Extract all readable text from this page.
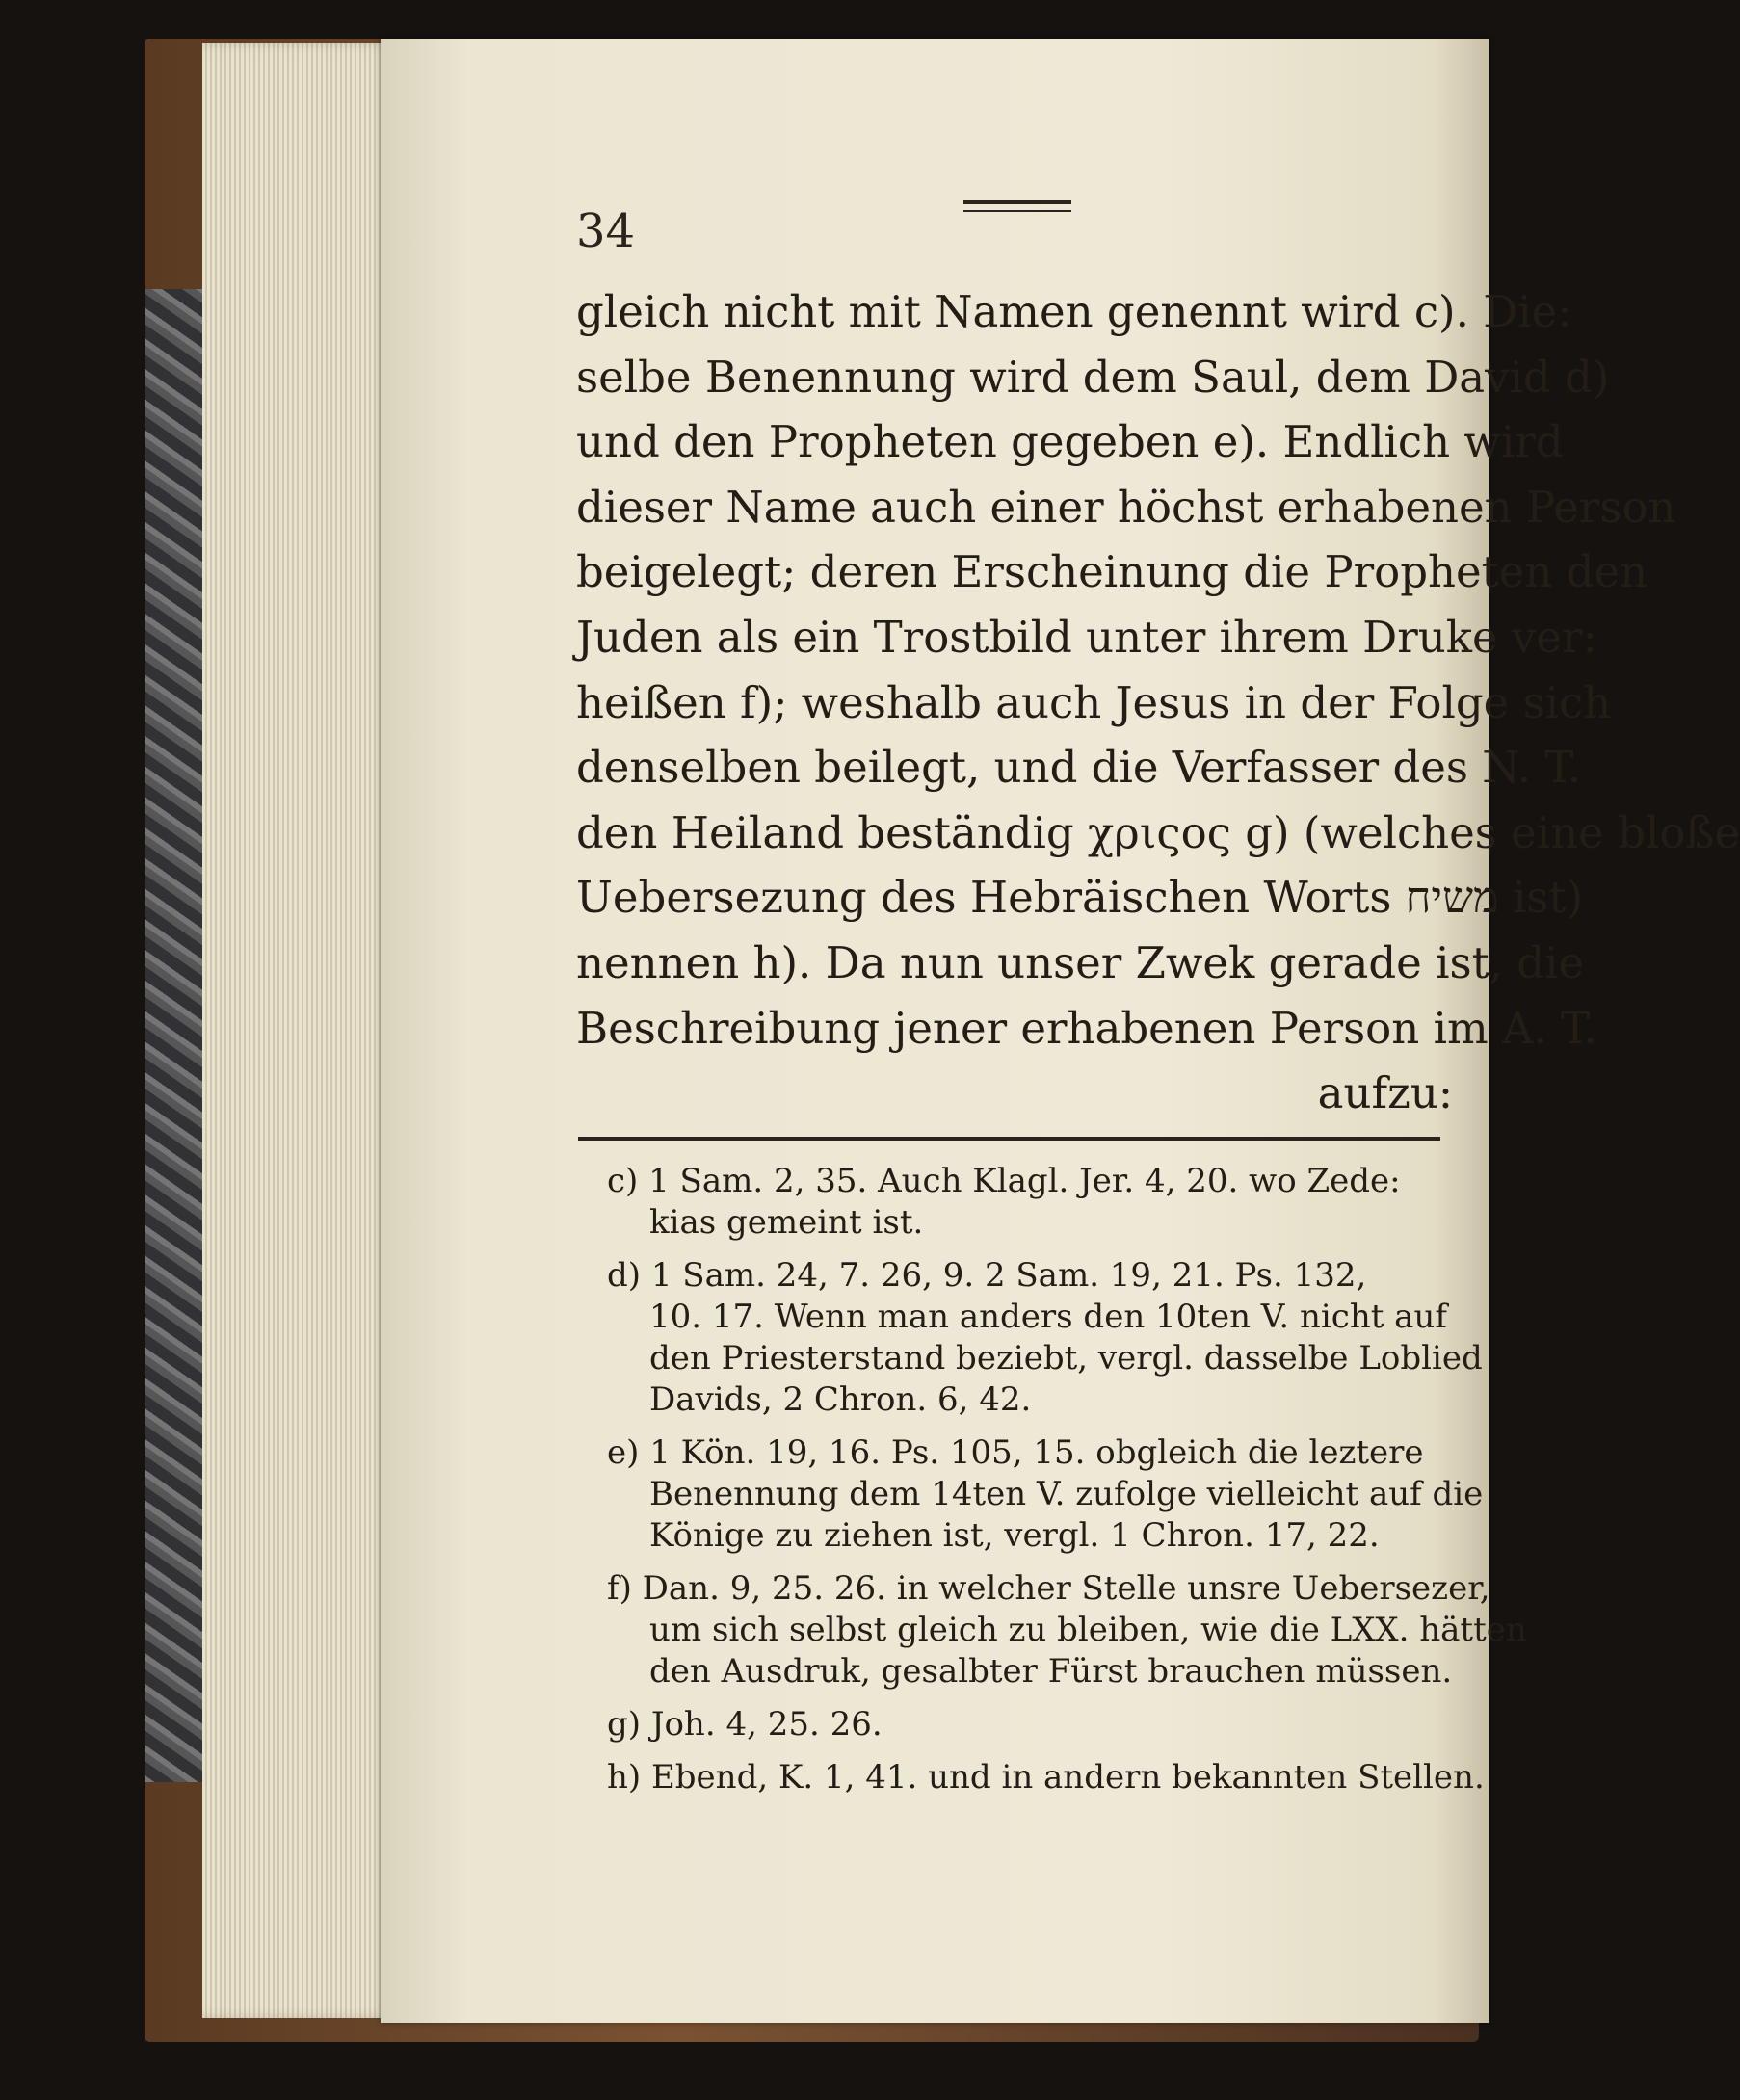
34
gleich nicht mit Namen genennt wird c). Die:
selbe Benennung wird dem Saul, dem David d)
und den Propheten gegeben e). Endlich wird
dieser Name auch einer höchst erhabenen Person
beigelegt; deren Erscheinung die Propheten den
Juden als ein Trostbild unter ihrem Druke ver:
heißen f); weshalb auch Jesus in der Folge sich
denselben beilegt, und die Verfasser des N. T.
den Heiland beständig χριςος g) (welches eine bloße
Uebersezung des Hebräischen Worts משיח ist)
nennen h). Da nun unser Zwek gerade ist, die
Beschreibung jener erhabenen Person im A. T.
aufzu:
c) 1 Sam. 2, 35. Auch Klagl. Jer. 4, 20. wo Zede:
kias gemeint ist.
d) 1 Sam. 24, 7. 26, 9. 2 Sam. 19, 21. Ps. 132,
10. 17. Wenn man anders den 10ten V. nicht auf
den Priesterstand beziebt, vergl. dasselbe Loblied
Davids, 2 Chron. 6, 42.
e) 1 Kön. 19, 16. Ps. 105, 15. obgleich die leztere
Benennung dem 14ten V. zufolge vielleicht auf die
Könige zu ziehen ist, vergl. 1 Chron. 17, 22.
f) Dan. 9, 25. 26. in welcher Stelle unsre Uebersezer,
um sich selbst gleich zu bleiben, wie die LXX. hätten
den Ausdruk, gesalbter Fürst brauchen müssen.
g) Joh. 4, 25. 26.
h) Ebend, K. 1, 41. und in andern bekannten Stellen.
